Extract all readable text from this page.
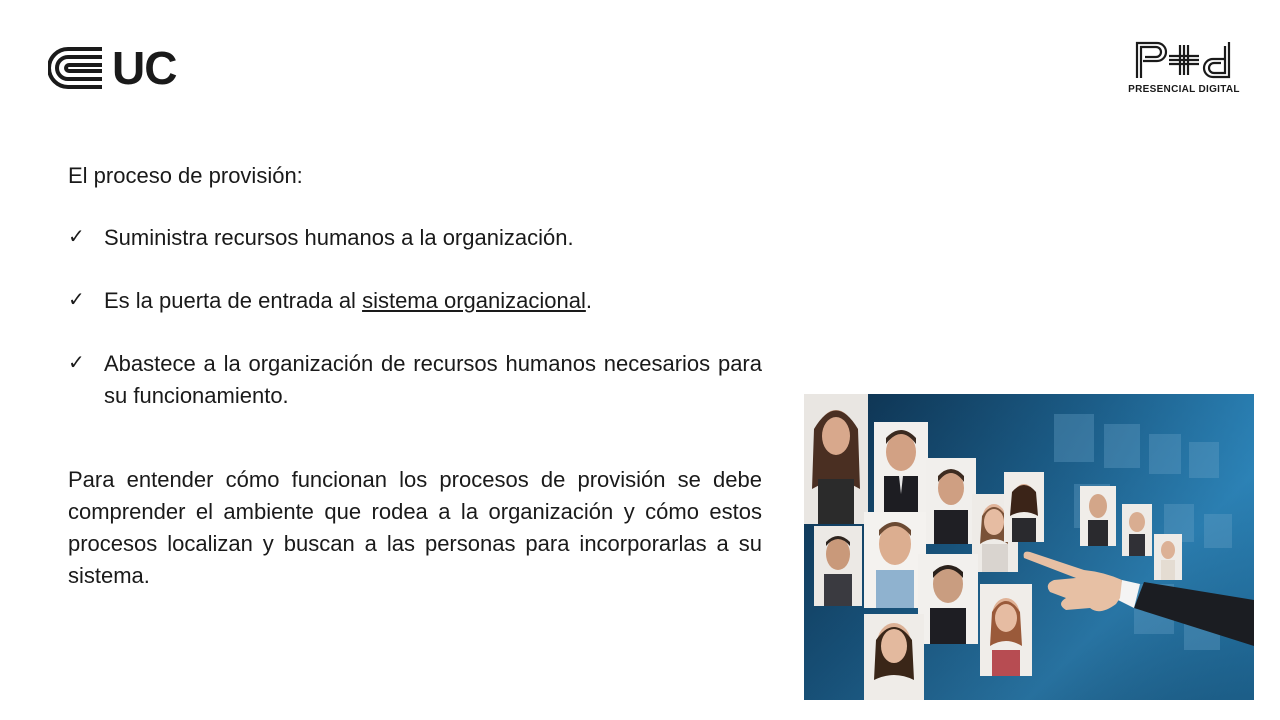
UC	PRESENCIAL DIGITAL

El proceso de provisión:

✓ Suministra recursos humanos a la organización.
✓ Es la puerta de entrada al sistema organizacional.
✓ Abastece a la organización de recursos humanos necesarios para su funcionamiento.

Para entender cómo funcionan los procesos de provisión se debe comprender el ambiente que rodea a la organización y cómo estos procesos localizan y buscan a las personas para incorporarlas a su sistema.
